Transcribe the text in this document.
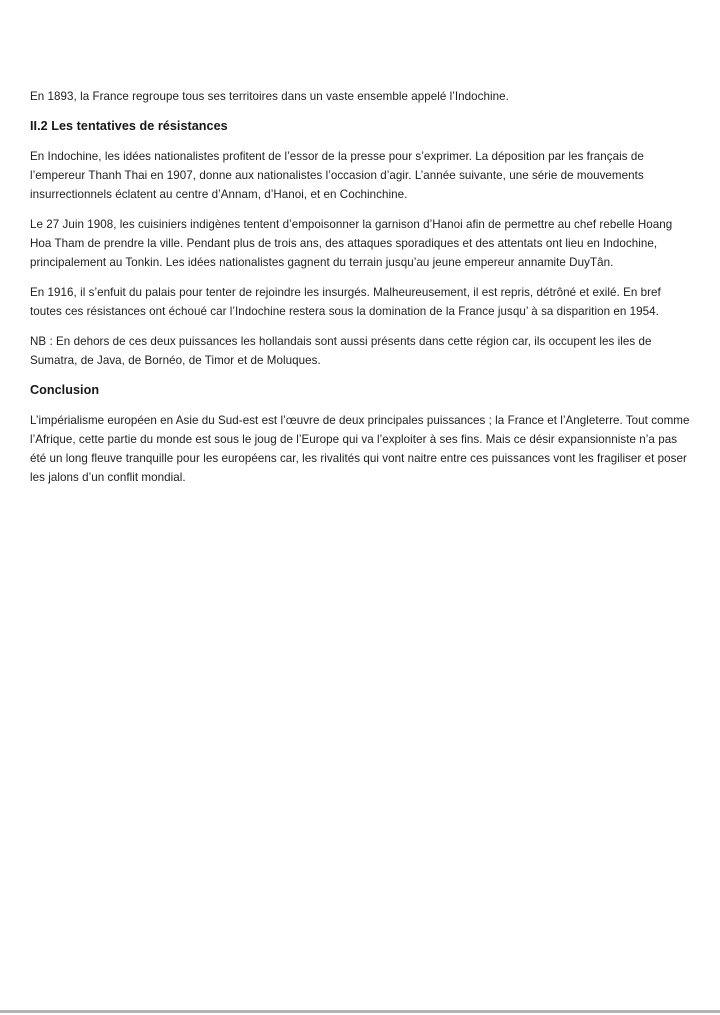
En 1893, la France regroupe tous ses territoires dans un vaste ensemble appelé l’Indochine.
II.2 Les tentatives de résistances
En Indochine, les idées nationalistes profitent de l’essor de la presse pour s’exprimer. La déposition par les français de l’empereur Thanh Thai en 1907, donne aux nationalistes l’occasion d’agir. L’année suivante, une série de mouvements insurrectionnels éclatent au centre d’Annam, d’Hanoi, et en Cochinchine.
Le 27 Juin 1908, les cuisiniers indigènes tentent d’empoisonner la garnison d’Hanoi afin de permettre au chef rebelle Hoang Hoa Tham de prendre la ville. Pendant plus de trois ans, des attaques sporadiques et des attentats ont lieu en Indochine, principalement au Tonkin. Les idées nationalistes gagnent du terrain jusqu’au jeune empereur annamite DuyTân.
En 1916, il s’enfuit du palais pour tenter de rejoindre les insurgés. Malheureusement, il est repris, détrôné et exilé. En bref toutes ces résistances ont échoué car l’Indochine restera sous la domination de la France jusqu’ à sa disparition en 1954.
NB : En dehors de ces deux puissances les hollandais sont aussi présents dans cette région car, ils occupent les iles de Sumatra, de Java, de Bornéo, de Timor et de Moluques.
Conclusion
L’impérialisme européen en Asie du Sud-est est l’œuvre de deux principales puissances ; la France et l’Angleterre. Tout comme l’Afrique, cette partie du monde est sous le joug de l’Europe qui va l’exploiter à ses fins. Mais ce désir expansionniste n’a pas été un long fleuve tranquille pour les européens car, les rivalités qui vont naitre entre ces puissances vont les fragiliser et poser les jalons d’un conflit mondial.
